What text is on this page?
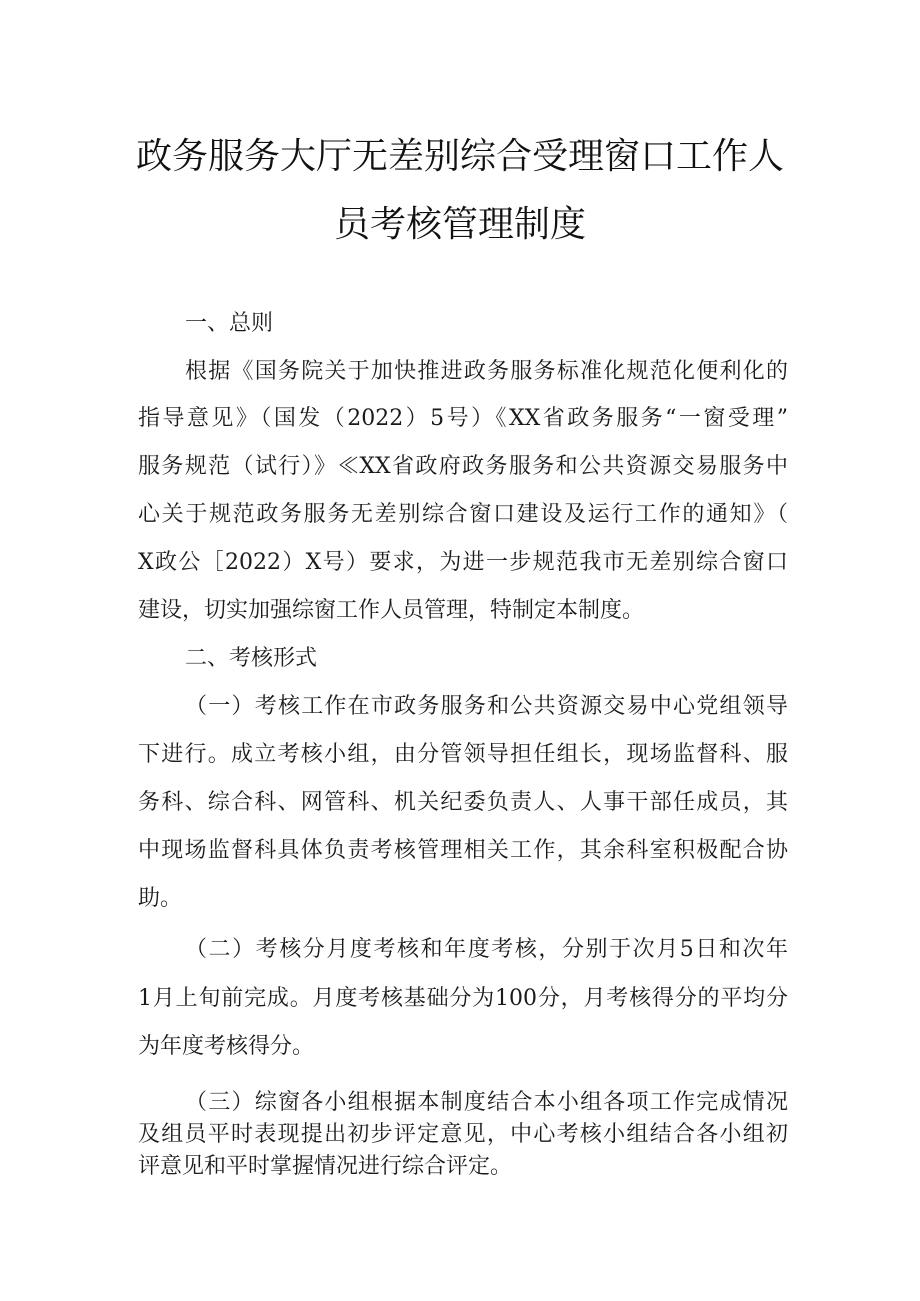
政务服务大厅无差别综合受理窗口工作人
员考核管理制度
一、总则
根据《国务院关于加快推进政务服务标准化规范化便利化的
指导意见》（国发（2022）5号）《XX省政务服务“一窗受理”
服务规范（试行）》≪XX省政府政务服务和公共资源交易服务中
心关于规范政务服务无差别综合窗口建设及运行工作的通知》（
X政公［2022）X号）要求，为进一步规范我市无差别综合窗口
建设，切实加强综窗工作人员管理，特制定本制度。
二、考核形式
（一）考核工作在市政务服务和公共资源交易中心党组领导
下进行。成立考核小组，由分管领导担任组长，现场监督科、服
务科、综合科、网管科、机关纪委负责人、人事干部任成员，其
中现场监督科具体负责考核管理相关工作，其余科室积极配合协
助。
（二）考核分月度考核和年度考核，分别于次月5日和次年
1月上旬前完成。月度考核基础分为100分，月考核得分的平均分
为年度考核得分。
（三）综窗各小组根据本制度结合本小组各项工作完成情况
及组员平时表现提出初步评定意见，中心考核小组结合各小组初
评意见和平时掌握情况进行综合评定。
